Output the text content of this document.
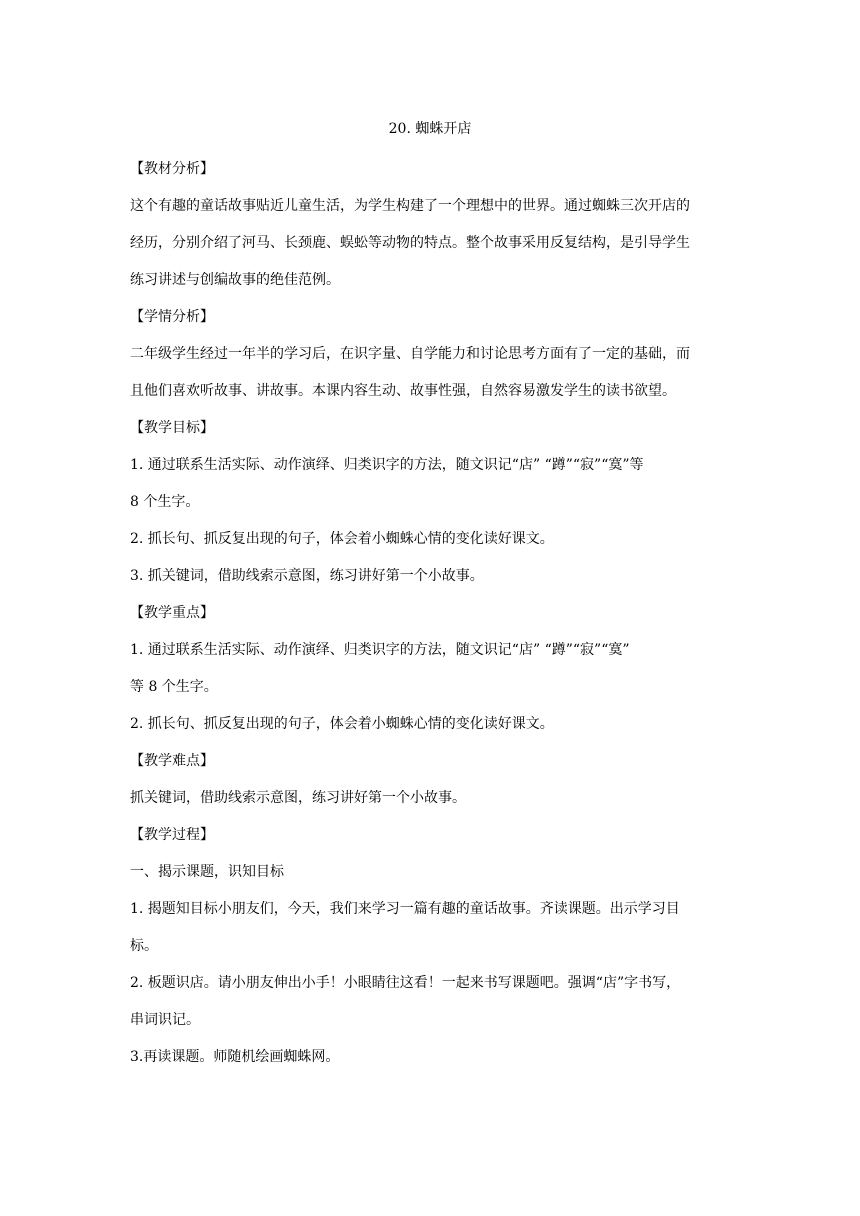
20. 蜘蛛开店

【教材分析】

这个有趣的童话故事贴近儿童生活，为学生构建了一个理想中的世界。通过蜘蛛三次开店的

经历，分别介绍了河马、长颈鹿、蜈蚣等动物的特点。整个故事采用反复结构，是引导学生

练习讲述与创编故事的绝佳范例。

【学情分析】

二年级学生经过一年半的学习后，在识字量、自学能力和讨论思考方面有了一定的基础，而

且他们喜欢听故事、讲故事。本课内容生动、故事性强，自然容易激发学生的读书欲望。

【教学目标】

1. 通过联系生活实际、动作演绎、归类识字的方法，随文识记“店” “蹲”“寂”“寞”等

8 个生字。

2. 抓长句、抓反复出现的句子，体会着小蜘蛛心情的变化读好课文。

3. 抓关键词，借助线索示意图，练习讲好第一个小故事。

【教学重点】

1. 通过联系生活实际、动作演绎、归类识字的方法，随文识记“店” “蹲”“寂”“寞”

等 8 个生字。

2. 抓长句、抓反复出现的句子，体会着小蜘蛛心情的变化读好课文。

【教学难点】

抓关键词，借助线索示意图，练习讲好第一个小故事。

【教学过程】

一、揭示课题，识知目标

1. 揭题知目标小朋友们，今天，我们来学习一篇有趣的童话故事。齐读课题。出示学习目

标。

2. 板题识店。请小朋友伸出小手！小眼睛往这看！一起来书写课题吧。强调“店”字书写，

串词识记。

3.再读课题。师随机绘画蜘蛛网。
